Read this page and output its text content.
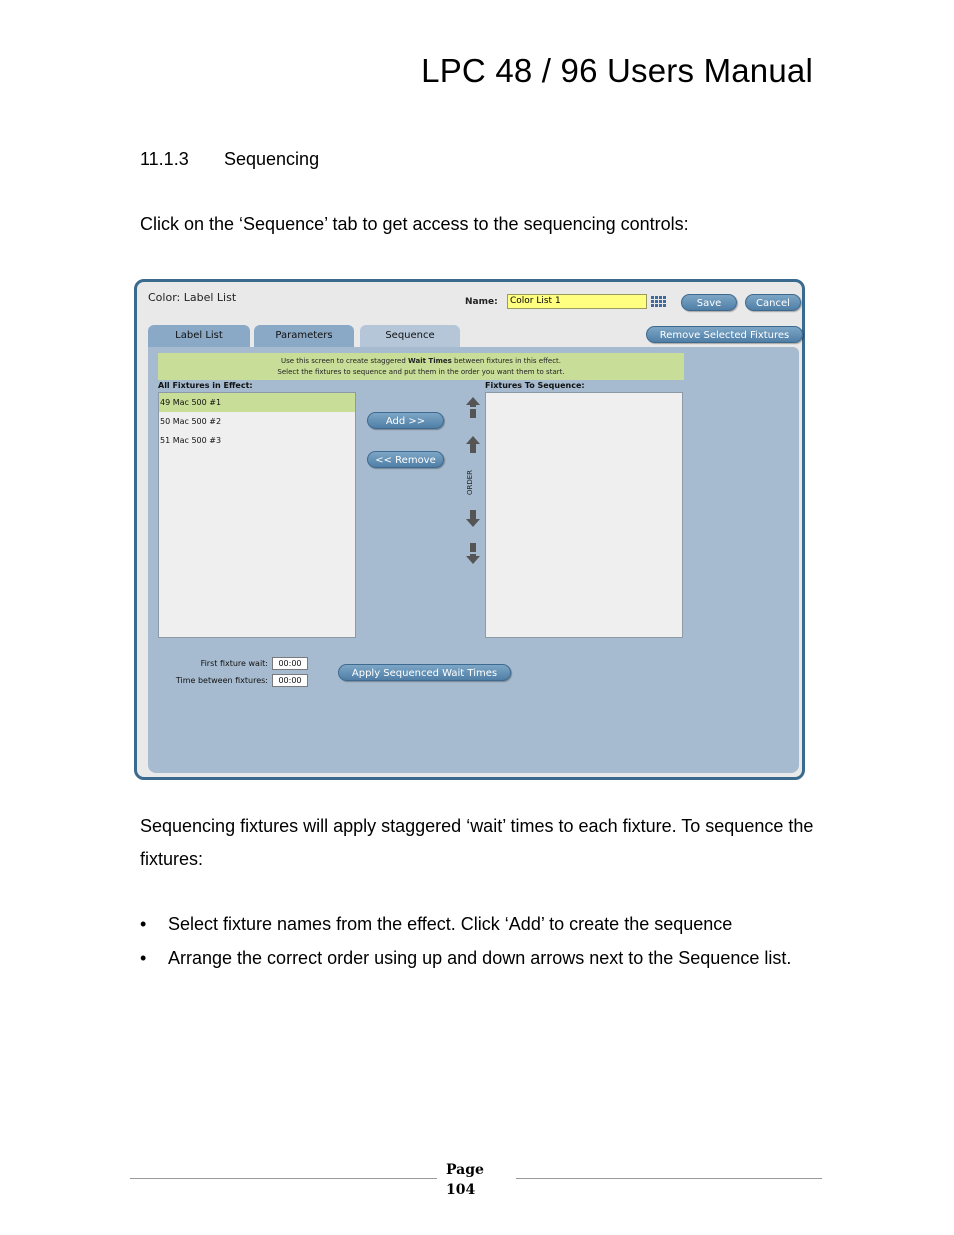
LPC 48 / 96 Users Manual
11.1.3 Sequencing
Click on the ‘Sequence’ tab to get access to the sequencing controls:
Color: Label List	Name:	Color List 1	Save	Cancel
Label List	Parameters	Sequence	Remove Selected Fixtures
Use this screen to create staggered Wait Times between fixtures in this effect.
Select the fixtures to sequence and put them in the order you want them to start.
All Fixtures in Effect:	Fixtures To Sequence:
49 Mac 500 #1
50 Mac 500 #2
51 Mac 500 #3
Add >>
<< Remove
ORDER
First fixture wait:	00:00
Time between fixtures:	00:00
Apply Sequenced Wait Times
Sequencing fixtures will apply staggered ‘wait’ times to each fixture. To sequence the fixtures:
• Select fixture names from the effect. Click ‘Add’ to create the sequence
• Arrange the correct order using up and down arrows next to the Sequence list.
Page
104
